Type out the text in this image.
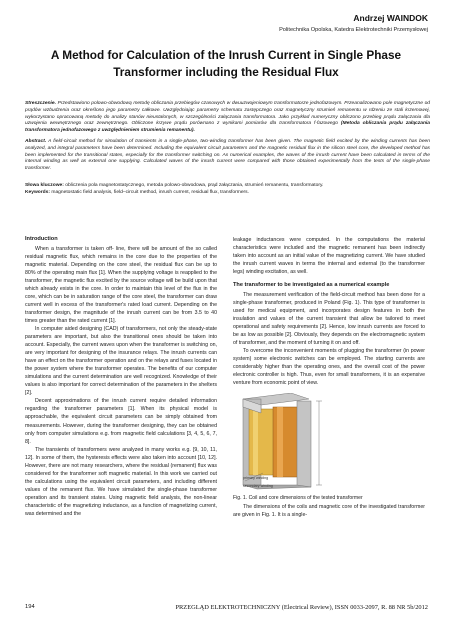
Andrzej WAINDOK
Politechnika Opolska, Katedra Elektrotechniki Przemysłowej
A Method for Calculation of the Inrush Current in Single Phase Transformer including the Residual Flux
Streszczenie. Przedstawiono polowo-obwodową metodę obliczania przebiegów czasowych w dwuuzwojeniowym transformatorze jednofazowym. Przeanalizowano pole magnetyczne od prądów wzbudzenia oraz określono jego parametry całkowe. Uwzględniając parametry schematu zastępczego oraz magnetyczny strumień remanentu w rdzeniu ze stali krzemowej, wykorzystano opracowaną metodę do analizy stanów nieustalonych, w szczególności załączania transformatora. Jako przykład numeryczny obliczono przebieg prądu załączania dla uzwojenia wewnętrznego oraz zewnętrznego. Obliczone krzywe prądu porównano z wynikami pomiarów dla transformatora f-fazowego (Metoda obliczania prądu załączania transformatora jednofazowego z uwzględnieniem strumienia remanentu).
Abstract. A field-circuit method for simulation of transients in a single-phase, two-winding transformer has been given. The magnetic field excited by the winding currents has been analyzed, and integral parameters have been determined. Including the equivalent circuit parameters and the magnetic residual flux in the silicon steel core, the developed method has been implemented for the transitional states, especially for the transformer switching on. As numerical examples, the waves of the inrush current have been calculated in terms of the internal winding as well as external one supplying. Calculated waves of the inrush current were compared with those obtained experimentally from the tests of the single-phase transformer.
Słowa kluczowe: obliczenia pola magnetostatycznego, metoda polowo-obwodowa, prąd załączania, strumień remanentu, transformatory.
Keywords: magnetostatic field analysis, field–circuit method, inrush current, residual flux, transformers.
Introduction

When a transformer is taken off- line, there will be amount of the so called residual magnetic flux, which remains in the core due to the properties of the magnetic material. Depending on the core steel, the residual flux can be up to 80% of the operating main flux [1]. When the supplying voltage is reapplied to the transformer, the magnetic flux excited by the source voltage will be build upon that which already exists in the core. In order to maintain this level of the flux in the core, which can be in saturation range of the core steel, the transformer can draw current well in excess of the transformer's rated load current. Depending on the transformer design, the magnitude of the inrush current can be from 3.5 to 40 times greater than the rated current [1].

In computer aided designing (CAD) of transformers, not only the steady-state parameters are important, but also the transitional ones should be taken into account. Especially, the current waves upon when the transformer is switching on, are very important for designing of the insurance relays. The inrush currents can have an effect on the transformer operation and on the relays and fuses located in the power system where the transformer operates. The benefits of our computer simulations and the current determination are well recognized. Knowledge of their values is also important for correct determination of the parameters in the shelters [2].

Decent approximations of the inrush current require detailed information regarding the transformer parameters [1]. When its physical model is approachable, the equivalent circuit parameters can be simply obtained from measurements. However, during the transformer designing, they can be obtained only from computer simulations e.g. from magnetic field calculations [3, 4, 5, 6, 7, 8].

The transients of transformers were analyzed in many works e.g. [9, 10, 11, 12]. In some of them, the hysteresis effects were also taken into account [10, 12]. However, there are not many researchers, where the residual (remanent) flux was considered for the transformer soft magnetic material. In this work we carried out the calculations using the equivalent circuit parameters, and including different values of the remanent flux. We have simulated the single-phase transformer operation and its transient states. Using magnetic field analysis, the non-linear characteristic of the magnetizing inductance, as a function of magnetizing current, was determined and the

leakage inductances were computed. In the computations the material characteristics were included and the magnetic remanent has been indirectly taken into account as an initial value of the magnetizing current. We have studied the inrush current waves in terms the internal and external (to the transformer legs) winding excitation, as well.

The transformer to be investigated as a numerical example

The measurement verification of the field-circuit method has been done for a single-phase transformer, produced in Poland (Fig. 1). This type of transformer is used for medical equipment, and incorporates design features in both the insulation and values of the current transient that allow be tailored to meet operational and safety requirements [2]. Hence, low inrush currents are forced to be as low as possible [2]. Obviously, they depends on the electromagnetic system of transformer, and the moment of turning it on and off.

To overcome the inconvenient moments of plugging the transformer (in power system) some electronic switches can be employed. The starting currents are considerably higher than the operating ones, and the overall cost of the power electronic controller is high. Thus, even for small transformers, it is an expensive venture from economic point of view.

primary winding
secondary winding

Fig. 1. Coil and core dimensions of the tested transformer

The dimensions of the coils and magnetic core of the investigated transformer are given in Fig. 1. It is a single-

194	PRZEGLĄD ELEKTROTECHNICZNY (Electrical Review), ISSN 0033-2097, R. 88 NR 5b/2012
